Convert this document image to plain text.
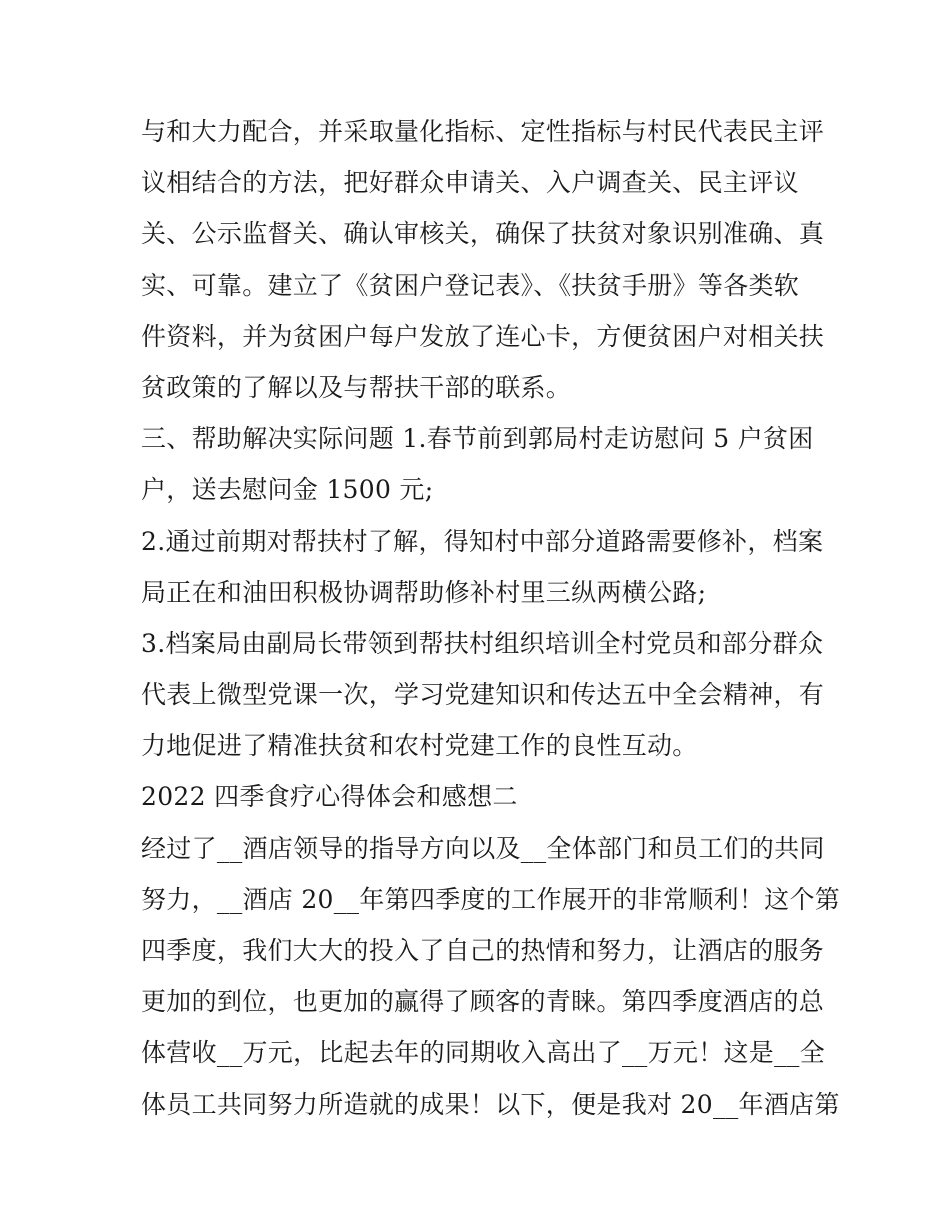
与和大力配合，并采取量化指标、定性指标与村民代表民主评
议相结合的方法，把好群众申请关、入户调查关、民主评议
关、公示监督关、确认审核关，确保了扶贫对象识别准确、真
实、可靠。建立了《贫困户登记表》、《扶贫手册》等各类软
件资料，并为贫困户每户发放了连心卡，方便贫困户对相关扶
贫政策的了解以及与帮扶干部的联系。
三、帮助解决实际问题 1.春节前到郭局村走访慰问 5 户贫困
户，送去慰问金 1500 元;
2.通过前期对帮扶村了解，得知村中部分道路需要修补，档案
局正在和油田积极协调帮助修补村里三纵两横公路;
3.档案局由副局长带领到帮扶村组织培训全村党员和部分群众
代表上微型党课一次，学习党建知识和传达五中全会精神，有
力地促进了精准扶贫和农村党建工作的良性互动。
2022 四季食疗心得体会和感想二
经过了__酒店领导的指导方向以及__全体部门和员工们的共同
努力，__酒店 20__年第四季度的工作展开的非常顺利！这个第
四季度，我们大大的投入了自己的热情和努力，让酒店的服务
更加的到位，也更加的赢得了顾客的青睐。第四季度酒店的总
体营收__万元，比起去年的同期收入高出了__万元！这是__全
体员工共同努力所造就的成果！以下，便是我对 20__年酒店第
